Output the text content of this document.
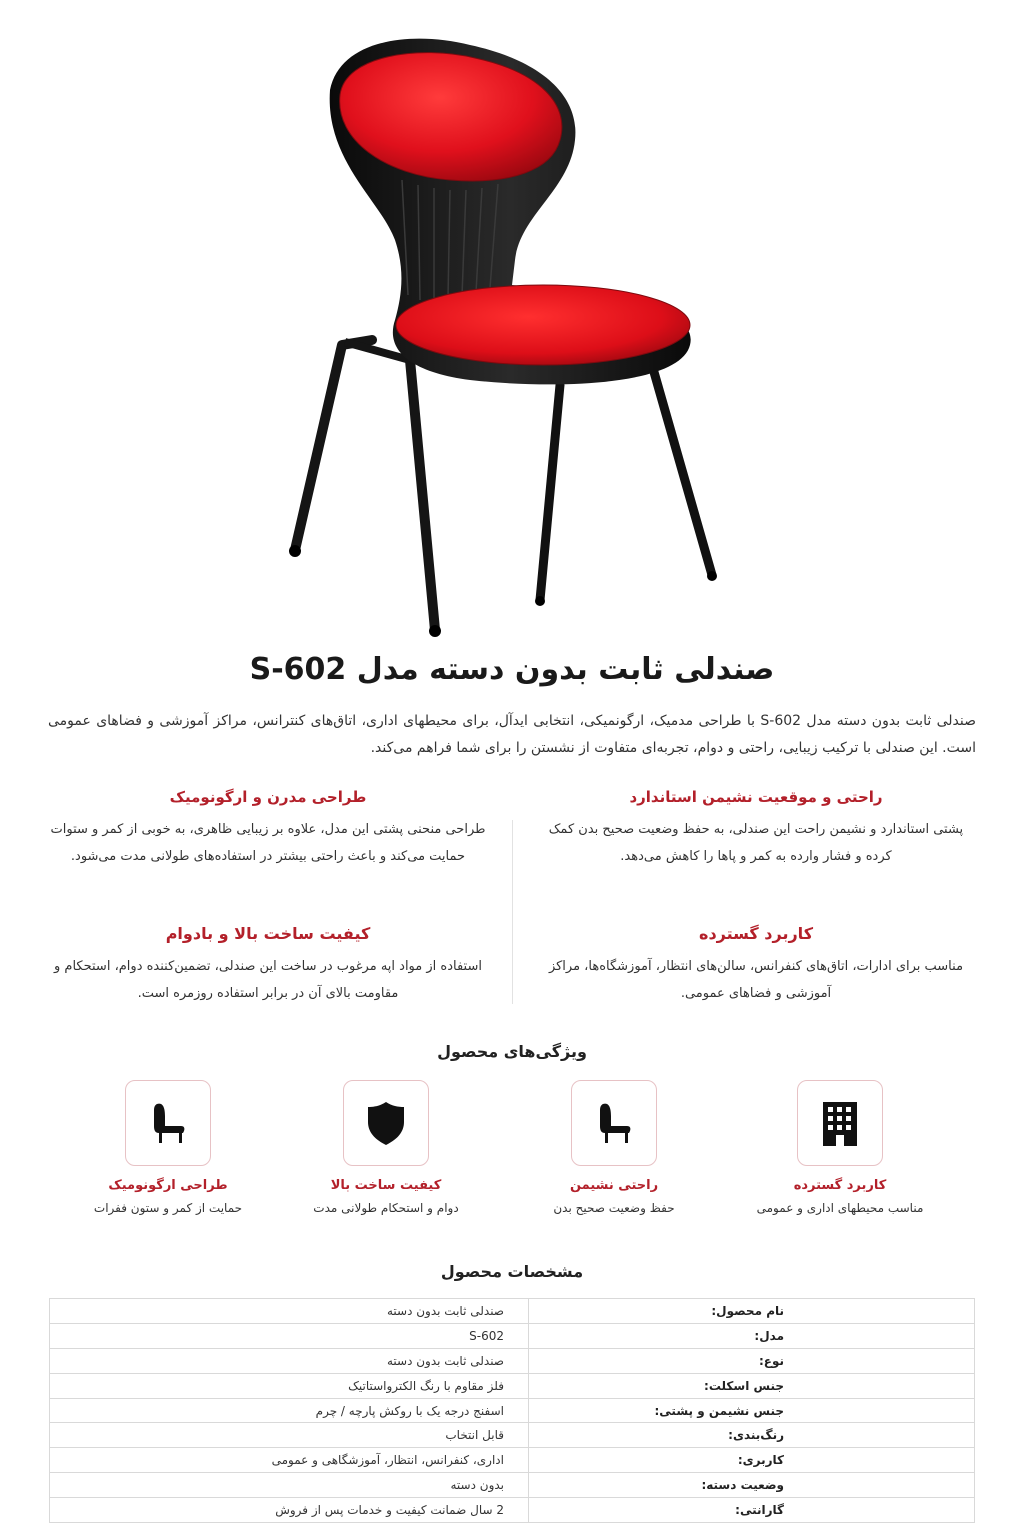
صندلی ثابت بدون دسته مدل S-602

صندلی ثابت بدون دسته مدل S-602 با طراحی مدمیک، ارگونمیکی، انتخابی ایدآل، برای محیطهای اداری، اتاق‌های کنترانس، مراکز آموزشی و فضاهای عمومی است. این صندلی با ترکیب زیبایی، راحتی و دوام، تجربه‌ای متفاوت از نشستن را برای شما فراهم می‌کند.

راحتی و موقعیت نشیمن استاندارد

پشتی استاندارد و نشیمن راحت این صندلی، به حفظ وضعیت صحیح بدن کمک کرده و فشار وارده به کمر و پاها را کاهش می‌دهد.

طراحی مدرن و ارگونومیک

طراحی منحنی پشتی این مدل، علاوه بر زیبایی ظاهری، به خوبی از کمر و ستوات حمایت می‌کند و باعث راحتی بیشتر در استفاده‌های طولانی مدت می‌شود.

کاربرد گسترده

مناسب برای ادارات، اتاق‌های کنفرانس، سالن‌های انتظار، آموزشگاه‌ها، مراکز آموزشی و فضاهای عمومی.

کیفیت ساخت بالا و بادوام

استفاده از مواد اپه مرغوب در ساخت این صندلی، تضمین‌کننده دوام، استحکام و مقاومت بالای آن در برابر استفاده روزمره است.

ویژگی‌های محصول
کاربرد گسترده

مناسب محیطهای اداری و عمومی

راحتی نشیمن

حفظ وضعیت صحیح بدن

کیفیت ساخت بالا

دوام و استحکام طولانی مدت

طراحی ارگونومیک

حمایت از کمر و ستون ففرات

مشخصات محصول
نام محصول:	صندلی ثابت بدون دسته
مدل:	S-602
نوع:	صندلی ثابت بدون دسته
جنس اسکلت:	فلز مقاوم با رنگ الکترواستاتیک
جنس نشیمن و پشتی:	اسفنج درجه یک با روکش پارچه / چرم
رنگ‌بندی:	قابل انتخاب
کاربری:	اداری، کنفرانس، انتظار، آموزشگاهی و عمومی
وضعیت دسته:	بدون دسته
گارانتی:	2 سال ضمانت کیفیت و خدمات پس از فروش
